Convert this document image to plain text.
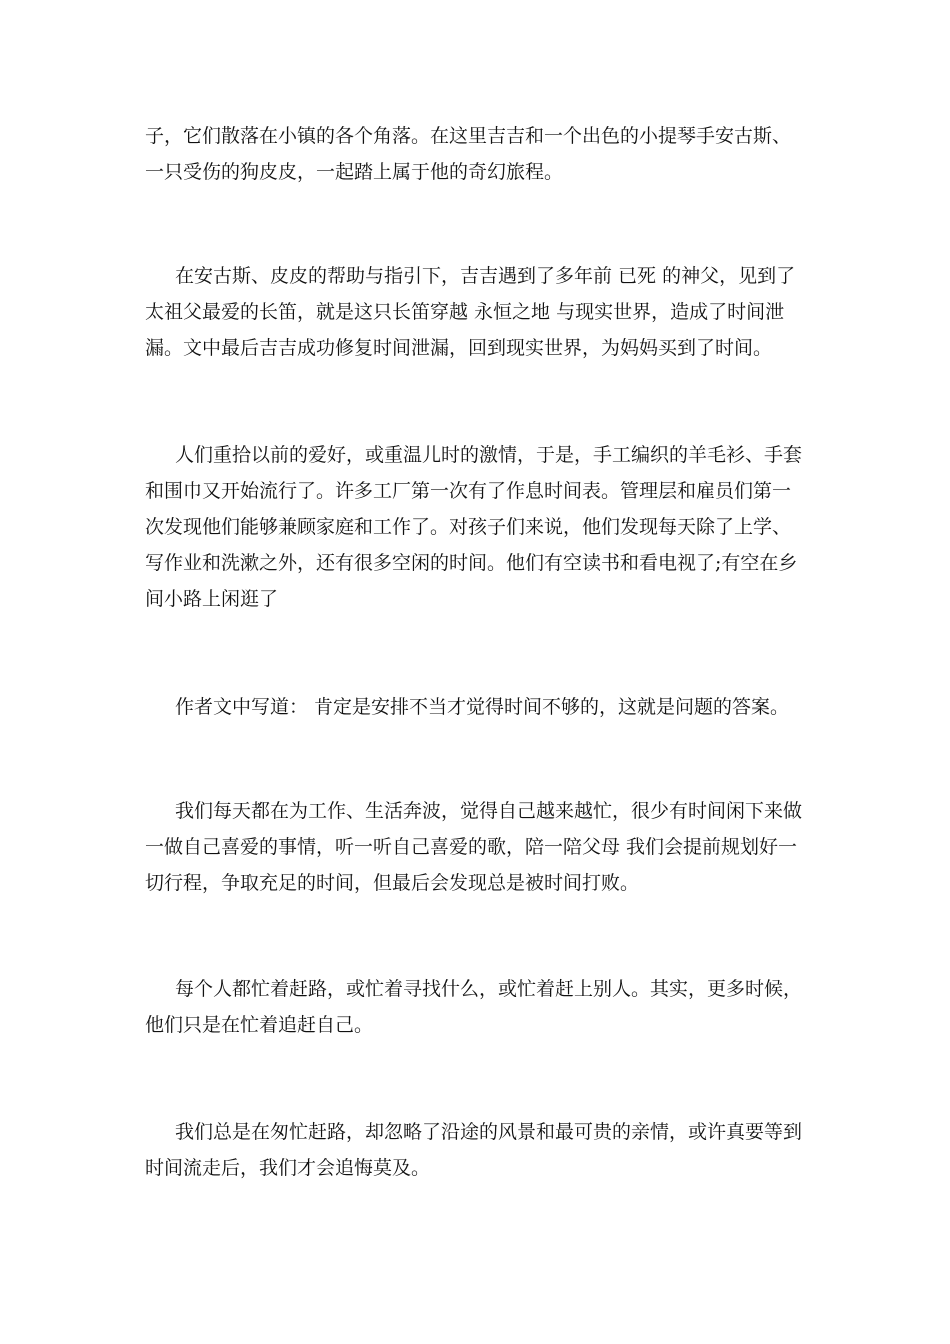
子，它们散落在小镇的各个角落。在这里吉吉和一个出色的小提琴手安古斯、
一只受伤的狗皮皮，一起踏上属于他的奇幻旅程。
在安古斯、皮皮的帮助与指引下，吉吉遇到了多年前 已死 的神父，见到了
太祖父最爱的长笛，就是这只长笛穿越 永恒之地 与现实世界，造成了时间泄
漏。文中最后吉吉成功修复时间泄漏，回到现实世界，为妈妈买到了时间。
人们重拾以前的爱好，或重温儿时的激情，于是，手工编织的羊毛衫、手套
和围巾又开始流行了。许多工厂第一次有了作息时间表。管理层和雇员们第一
次发现他们能够兼顾家庭和工作了。对孩子们来说，他们发现每天除了上学、
写作业和洗漱之外，还有很多空闲的时间。他们有空读书和看电视了;有空在乡
间小路上闲逛了
作者文中写道： 肯定是安排不当才觉得时间不够的，这就是问题的答案。
我们每天都在为工作、生活奔波，觉得自己越来越忙，很少有时间闲下来做
一做自己喜爱的事情，听一听自己喜爱的歌，陪一陪父母 我们会提前规划好一
切行程，争取充足的时间，但最后会发现总是被时间打败。
每个人都忙着赶路，或忙着寻找什么，或忙着赶上别人。其实，更多时候，
他们只是在忙着追赶自己。
我们总是在匆忙赶路，却忽略了沿途的风景和最可贵的亲情，或许真要等到
时间流走后，我们才会追悔莫及。
